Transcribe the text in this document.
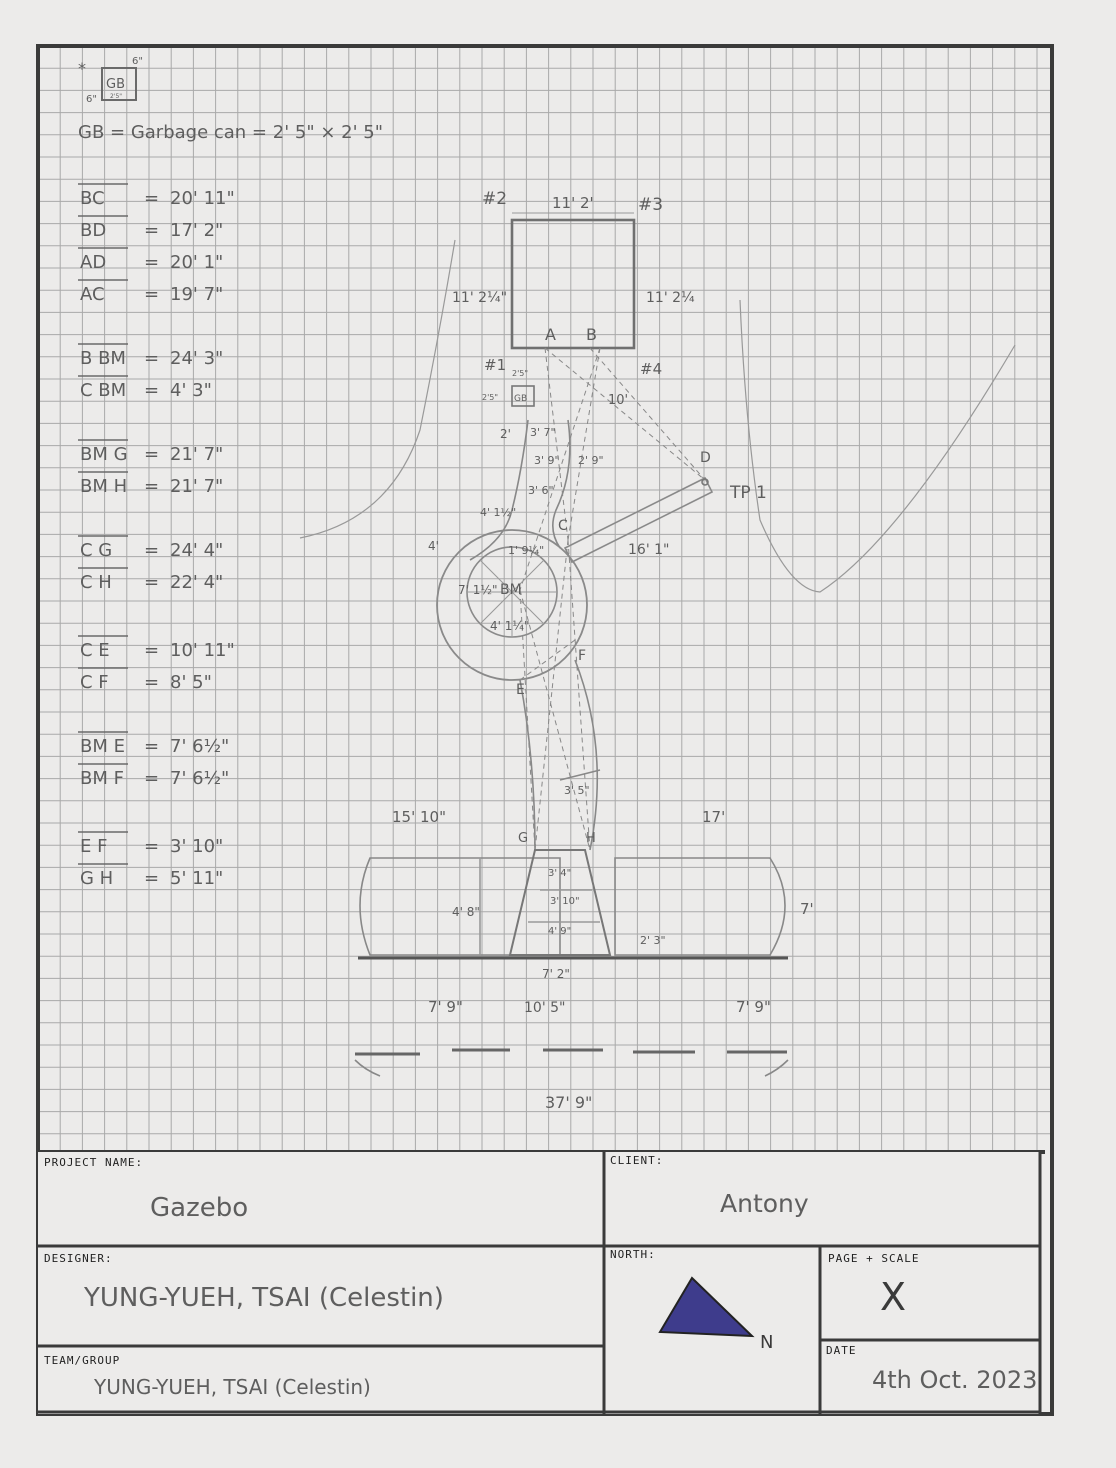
*
GB
2'5"
6"
6"
GB = Garbage can = 2' 5" × 2' 5"
BC = 20' 11"
BD = 17' 2"
AD = 20' 1"
AC = 19' 7"
B BM = 24' 3"
C BM = 4' 3"
BM G = 21' 7"
BM H = 21' 7"
C G = 24' 4"
C H = 22' 4"
C E = 10' 11"
C F = 8' 5"
BM E = 7' 6½"
BM F = 7' 6½"
E F = 3' 10"
G H = 5' 11"
#2	#3
#1	#4
11' 2'
11' 2¼"	11' 2¼
A B
GB
2'5"
2'5"	10'
2' 3' 7"
3' 9" 2' 9"
3' 6"
C
D
TP 1
16' 1"
4' 1½"
4'	1' 9¼"
7' 1½" BM
4' 1¼"
F
E
3' 5"
15' 10"	17'
G	H
3' 4"
3' 10"
4' 8"
4' 9"
2' 3"
7'
7' 2"
7' 9"	10' 5"	7' 9"
37' 9"
PROJECT NAME:
Gazebo
CLIENT:
Antony
DESIGNER:
YUNG-YUEH, TSAI (Celestin)
NORTH:
N
PAGE + SCALE
X
TEAM/GROUP
YUNG-YUEH, TSAI (Celestin)
DATE
4th Oct. 2023
